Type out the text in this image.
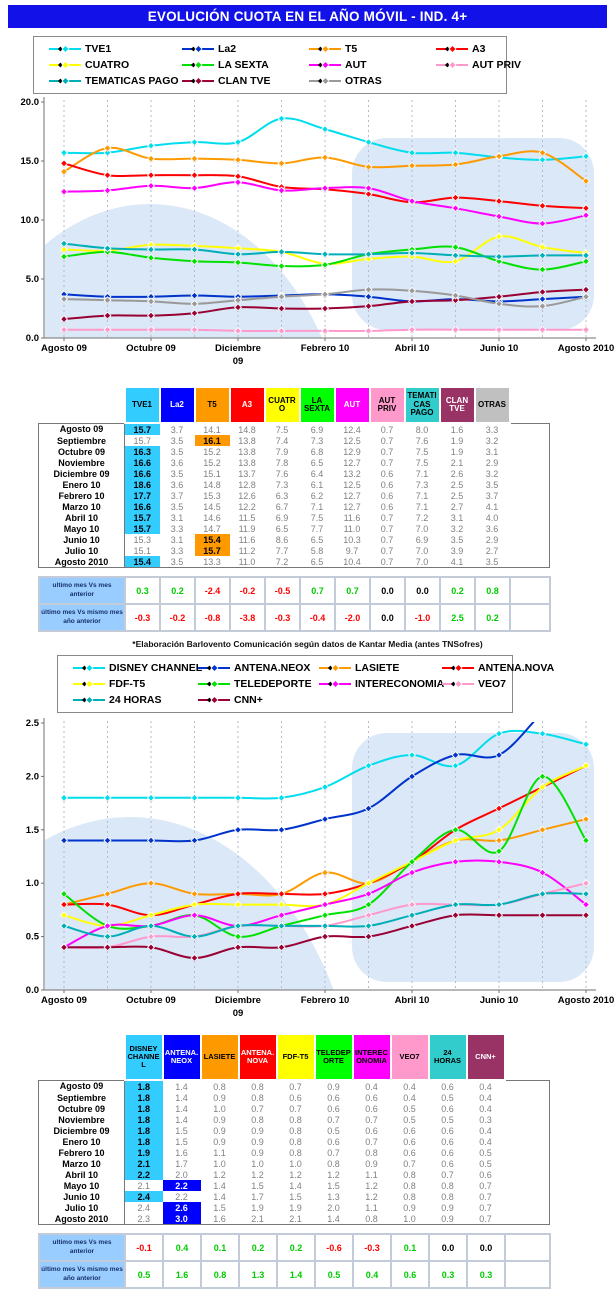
EVOLUCIÓN CUOTA EN EL AÑO MÓVIL - IND. 4+
TVE1	La2	T5	A3
CUATRO	LA SEXTA	AUT	AUT PRIV
TEMATICAS PAGO	CLAN TVE	OTRAS
0.0
5.0
10.0
15.0
20.0
Agosto 09	Octubre 09	Diciembre
09
Febrero 10	Abril 10	Junio 10	Agosto 2010
	TVE1	La2	T5	A3	CUATRO	LA SEXTA	AUT	AUT PRIV	TEMATICAS PAGO	CLAN TVE	OTRAS	
Agosto 09	15.7	3.7	14.1	14.8	7.5	6.9	12.4	0.7	8.0	1.6	3.3	
Septiembre	15.7	3.5	16.1	13.8	7.4	7.3	12.5	0.7	7.6	1.9	3.2	
Octubre 09	16.3	3.5	15.2	13.8	7.9	6.8	12.9	0.7	7.5	1.9	3.1	
Noviembre	16.6	3.6	15.2	13.8	7.8	6.5	12.7	0.7	7.5	2.1	2.9	
Diciembre 09	16.6	3.5	15.1	13.7	7.6	6.4	13.2	0.6	7.1	2.6	3.2	
Enero 10	18.6	3.6	14.8	12.8	7.3	6.1	12.5	0.6	7.3	2.5	3.5	
Febrero 10	17.7	3.7	15.3	12.6	6.3	6.2	12.7	0.6	7.1	2.5	3.7	
Marzo 10	16.6	3.5	14.5	12.2	6.7	7.1	12.7	0.6	7.1	2.7	4.1	
Abril 10	15.7	3.1	14.6	11.5	6.9	7.5	11.6	0.7	7.2	3.1	4.0	
Mayo 10	15.7	3.3	14.7	11.9	6.5	7.7	11.0	0.7	7.0	3.2	3.6	
Junio 10	15.3	3.1	15.4	11.6	8.6	6.5	10.3	0.7	6.9	3.5	2.9	
Julio 10	15.1	3.3	15.7	11.2	7.7	5.8	9.7	0.7	7.0	3.9	2.7	
Agosto 2010	15.4	3.5	13.3	11.0	7.2	6.5	10.4	0.7	7.0	4.1	3.5	
ultimo mes Vs mes anterior	0.3	0.2	-2.4	-0.2	-0.5	0.7	0.7	0.0	0.0	0.2	0.8	
último mes Vs mismo mes año anterior	-0.3	-0.2	-0.8	-3.8	-0.3	-0.4	-2.0	0.0	-1.0	2.5	0.2	
*Elaboración Barlovento Comunicación según datos de Kantar Media (antes TNSofres)
DISNEY CHANNEL	ANTENA.NEOX	LASIETE	ANTENA.NOVA
FDF-T5	TELEDEPORTE	INTERECONOMIA	VEO7
24 HORAS	CNN+
0.0
0.5
1.0
1.5
2.0
2.5
Agosto 09	Octubre 09	Diciembre
09
Febrero 10	Abril 10	Junio 10	Agosto 2010
	DISNEY CHANNEL	ANTENA.NEOX	LASIETE	ANTENA.NOVA	FDF-T5	TELEDEPORTE	INTERECONOMIA	VEO7	24 HORAS	CNN+	
Agosto 09	1.8	1.4	0.8	0.8	0.7	0.9	0.4	0.4	0.6	0.4	
Septiembre	1.8	1.4	0.9	0.8	0.6	0.6	0.6	0.4	0.5	0.4	
Octubre 09	1.8	1.4	1.0	0.7	0.7	0.6	0.6	0.5	0.6	0.4	
Noviembre	1.8	1.4	0.9	0.8	0.8	0.7	0.7	0.5	0.5	0.3	
Diciembre 09	1.8	1.5	0.9	0.9	0.8	0.5	0.6	0.6	0.6	0.4	
Enero 10	1.8	1.5	0.9	0.9	0.8	0.6	0.7	0.6	0.6	0.4	
Febrero 10	1.9	1.6	1.1	0.9	0.8	0.7	0.8	0.6	0.6	0.5	
Marzo 10	2.1	1.7	1.0	1.0	1.0	0.8	0.9	0.7	0.6	0.5	
Abril 10	2.2	2.0	1.2	1.2	1.2	1.2	1.1	0.8	0.7	0.6	
Mayo 10	2.1	2.2	1.4	1.5	1.4	1.5	1.2	0.8	0.8	0.7	
Junio 10	2.4	2.2	1.4	1.7	1.5	1.3	1.2	0.8	0.8	0.7	
Julio 10	2.4	2.6	1.5	1.9	1.9	2.0	1.1	0.9	0.9	0.7	
Agosto 2010	2.3	3.0	1.6	2.1	2.1	1.4	0.8	1.0	0.9	0.7	
ultimo mes Vs mes anterior	-0.1	0.4	0.1	0.2	0.2	-0.6	-0.3	0.1	0.0	0.0	
último mes Vs mismo mes año anterior	0.5	1.6	0.8	1.3	1.4	0.5	0.4	0.6	0.3	0.3	
